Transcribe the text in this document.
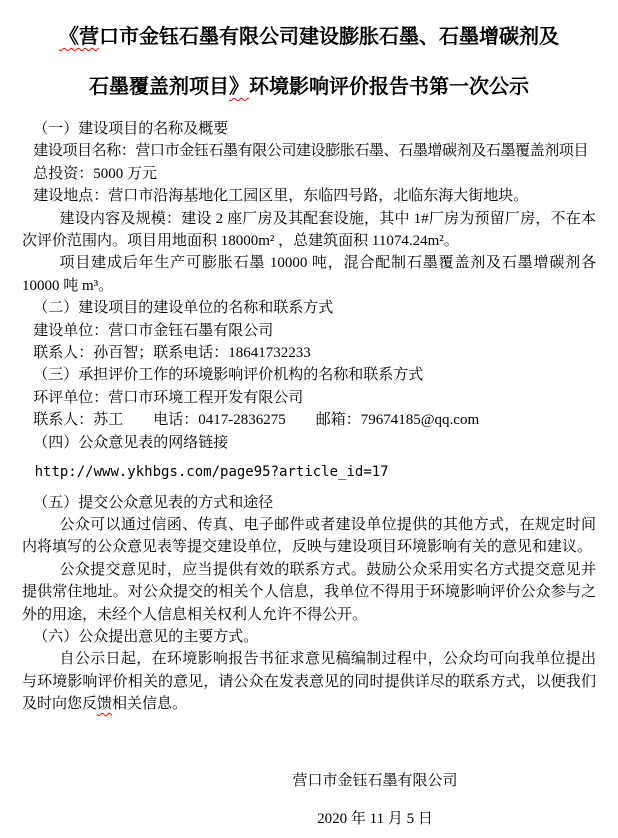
《营口市金钰石墨有限公司建设膨胀石墨、石墨增碳剂及
石墨覆盖剂项目》环境影响评价报告书第一次公示

（一）建设项目的名称及概要

建设项目名称：营口市金钰石墨有限公司建设膨胀石墨、石墨增碳剂及石墨覆盖剂项目

总投资：5000 万元

建设地点：营口市沿海基地化工园区里，东临四号路，北临东海大街地块。

建设内容及规模：建设 2 座厂房及其配套设施，其中 1#厂房为预留厂房，不在本次评价范围内。项目用地面积 18000m² ，总建筑面积 11074.24m²。

项目建成后年生产可膨胀石墨 10000 吨，混合配制石墨覆盖剂及石墨增碳剂各 10000 吨 m³。

（二）建设项目的建设单位的名称和联系方式

建设单位：营口市金钰石墨有限公司

联系人：孙百智；联系电话：18641732233

（三）承担评价工作的环境影响评价机构的名称和联系方式

环评单位：营口市环境工程开发有限公司

联系人：苏工　　电话：0417-2836275　　邮箱：79674185@qq.com

（四）公众意见表的网络链接

http://www.ykhbgs.com/page95?article_id=17

（五）提交公众意见表的方式和途径

公众可以通过信函、传真、电子邮件或者建设单位提供的其他方式，在规定时间内将填写的公众意见表等提交建设单位，反映与建设项目环境影响有关的意见和建议。

公众提交意见时，应当提供有效的联系方式。鼓励公众采用实名方式提交意见并提供常住地址。对公众提交的相关个人信息，我单位不得用于环境影响评价公众参与之外的用途，未经个人信息相关权利人允许不得公开。

（六）公众提出意见的主要方式。

自公示日起，在环境影响报告书征求意见稿编制过程中，公众均可向我单位提出与环境影响评价相关的意见，请公众在发表意见的同时提供详尽的联系方式，以便我们及时向您反馈相关信息。

营口市金钰石墨有限公司

2020 年 11 月 5 日
